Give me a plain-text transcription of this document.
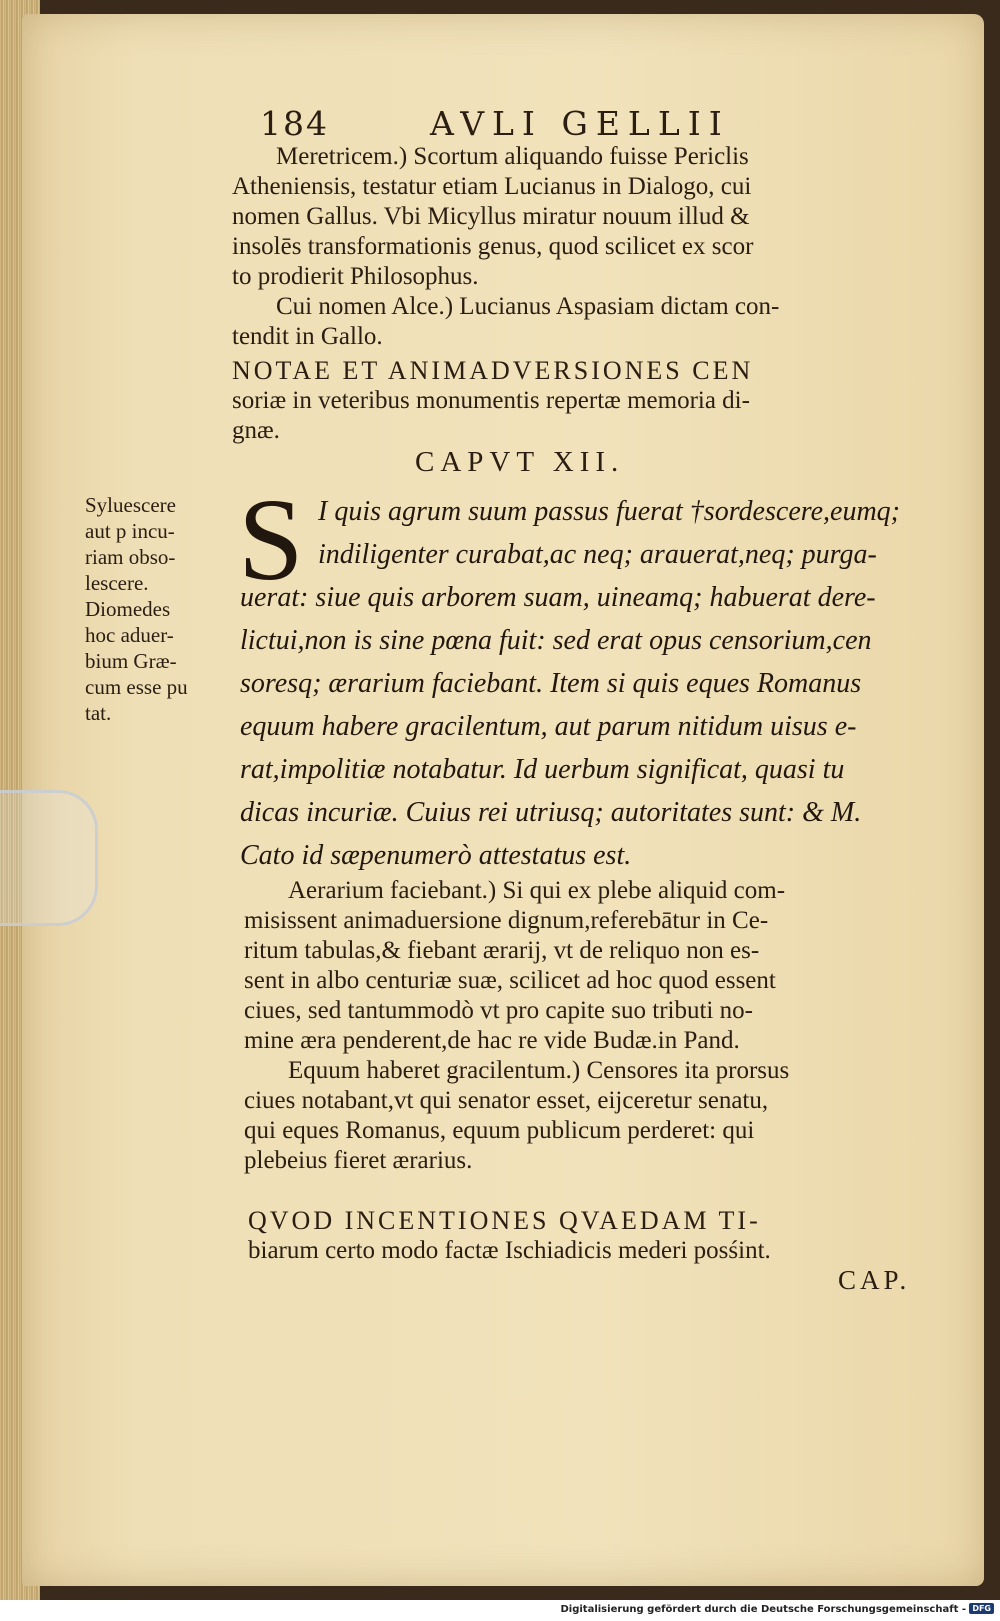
184	AVLI GELLII
Meretricem.) Scortum aliquando fuisse Periclis
Atheniensis, testatur etiam Lucianus in Dialogo, cui
nomen Gallus. Vbi Micyllus miratur nouum illud &
insolēs transformationis genus, quod scilicet ex scor
to prodierit Philosophus.
Cui nomen Alce.) Lucianus Aspasiam dictam con-
tendit in Gallo.
NOTAE ET ANIMADVERSIONES CEN
soriæ in veteribus monumentis repertæ memoria di-
gnæ.
CAPVT XII.
Syluescere
aut p incu-
riam obso-
lescere.
Diomedes
hoc aduer-
bium Græ-
cum esse pu
tat.
S I quis agrum suum passus fuerat †sordescere,eumq;
indiligenter curabat,ac neq; arauerat,neq; purga-
uerat: siue quis arborem suam, uineamq; habuerat dere-
lictui,non is sine pœna fuit: sed erat opus censorium,cen
soresq; ærarium faciebant. Item si quis eques Romanus
equum habere gracilentum, aut parum nitidum uisus e-
rat,impolitiæ notabatur. Id uerbum significat, quasi tu
dicas incuriæ. Cuius rei utriusq; autoritates sunt: & M.
Cato id sæpenumerò attestatus est.
Aerarium faciebant.) Si qui ex plebe aliquid com-
misissent animaduersione dignum,referebātur in Ce-
ritum tabulas,& fiebant ærarij, vt de reliquo non es-
sent in albo centuriæ suæ, scilicet ad hoc quod essent
ciues, sed tantummodò vt pro capite suo tributi no-
mine æra penderent,de hac re vide Budæ.in Pand.
Equum haberet gracilentum.) Censores ita prorsus
ciues notabant,vt qui senator esset, eijceretur senatu,
qui eques Romanus, equum publicum perderet: qui
plebeius fieret ærarius.
QVOD INCENTIONES QVAEDAM TI-
biarum certo modo factæ Ischiadicis mederi posśint.
CAP.
Digitalisierung gefördert durch die Deutsche Forschungsgemeinschaft - DFG
